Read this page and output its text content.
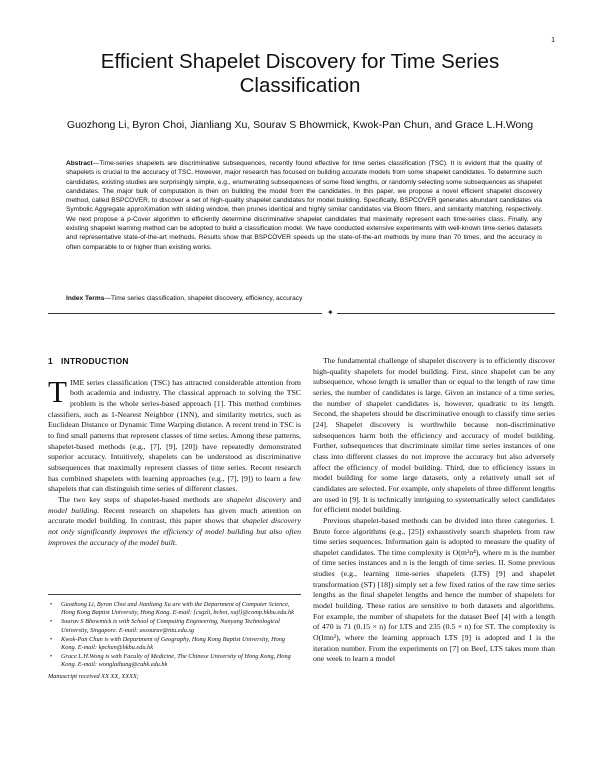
1
Efficient Shapelet Discovery for Time Series Classification

Guozhong Li, Byron Choi, Jianliang Xu, Sourav S Bhowmick, Kwok-Pan Chun, and Grace L.H.Wong

Abstract—Time-series shapelets are discriminative subsequences, recently found effective for time series classification (TSC). It is evident that the quality of shapelets is crucial to the accuracy of TSC. However, major research has focused on building accurate models from some shapelet candidates. To determine such candidates, existing studies are surprisingly simple, e.g., enumerating subsequences of some fixed lengths, or randomly selecting some subsequences as shapelet candidates. The major bulk of computation is then on building the model from the candidates. In this paper, we propose a novel efficient shapelet discovery method, called BSPCOVER, to discover a set of high-quality shapelet candidates for model building. Specifically, BSPCOVER generates abundant candidates via Symbolic Aggregate approXimation with sliding window, then prunes identical and highly similar candidates via Bloom filters, and similarity matching, respectively. We next propose a p-Cover algorithm to efficiently determine discriminative shapelet candidates that maximally represent each time-series class. Finally, any existing shapelet learning method can be adopted to build a classification model. We have conducted extensive experiments with well-known time-series datasets and representative state-of-the-art methods. Results show that BSPCOVER speeds up the state-of-the-art methods by more than 70 times, and the accuracy is often comparable to or higher than existing works.

Index Terms—Time series classification, shapelet discovery, efficiency, accuracy

✦
1 INTRODUCTION

TIME series classification (TSC) has attracted considerable attention from both academia and industry. The classical approach to solving the TSC problem is the whole series-based approach [1]. This method combines classifiers, such as 1-Nearest Neighbor (1NN), and similarity metrics, such as Euclidean Distance or Dynamic Time Warping distance. A recent trend in TSC is to find small patterns that represent classes of time series. Among these patterns, shapelet-based methods (e.g., [7], [9], [20]) have repeatedly demonstrated superior accuracy. Intuitively, shapelets can be understood as discriminative subsequences that maximally represent classes of time series. Recent research has combined shapelets with learning approaches (e.g., [7], [9]) to learn a few shapelets that can distinguish time series of different classes.

The two key steps of shapelet-based methods are shapelet discovery and model building. Recent research on shapelets has given much attention on accurate model building. In contrast, this paper shows that shapelet discovery not only significantly improves the efficiency of model building but also often improves the accuracy of the model built.

• Guozhong Li, Byron Choi and Jianliang Xu are with the Department of Computer Science, Hong Kong Baptist University, Hong Kong. E-mail: {csgzli, bchoi, xujl}@comp.hkbu.edu.hk
• Sourav S Bhowmick is with School of Computing Engineering, Nanyang Technological University, Singapore. E-mail: assourav@ntu.edu.sg
• Kwok-Pan Chun is with Department of Geography, Hong Kong Baptist University, Hong Kong. E-mail: kpchun@hkbu.edu.hk
• Grace L.H.Wong is with Faculty of Medicine, The Chinese University of Hong Kong, Hong Kong. E-mail: wonglaihung@cuhk.edu.hk
Manuscript received XX XX, XXXX;

The fundamental challenge of shapelet discovery is to efficiently discover high-quality shapelets for model building. First, since shapelet can be any subsequence, whose length is smaller than or equal to the length of raw time series, the number of candidates is large. Given an instance of a time series, the number of shapelet candidates is, however, quadratic to its length. Second, the shapelets should be discriminative enough to classify time series [24]. Shapelet discovery is worthwhile because non-discriminative subsequences harm both the efficiency and accuracy of model building. Further, subsequences that discriminate similar time series instances of one class into different classes do not improve the accuracy but also adversely affect the efficiency of model building. Third, due to efficiency issues in model building for some large datasets, only a relatively small set of candidates are selected. For example, only shapelets of three different lengths are used in [9]. It is technically intriguing to systematically select candidates for efficient model building.

Previous shapelet-based methods can be divided into three categories. I. Brute force algorithms (e.g., [25]) exhaustively search shapelets from raw time series sequences. Information gain is adopted to measure the quality of shapelet candidates. The time complexity is O(m²n⁴), where m is the number of time series instances and n is the length of time series. II. Some previous studies (e.g., learning time-series shapelets (LTS) [9] and shapelet transformation (ST) [18]) simply set a few fixed ratios of the raw time series lengths as the final shapelet lengths and hence the number of shapelets for model building. These ratios are sensitive to both datasets and algorithms. For example, the number of shapelets for the dataset Beef [4] with a length of 470 is 71 (0.15 × n) for LTS and 235 (0.5 × n) for ST. The complexity is O(Imn²), where the learning approach LTS [9] is adopted and I is the iteration number. From the experiments on [7] on Beef, LTS takes more than one week to learn a model
